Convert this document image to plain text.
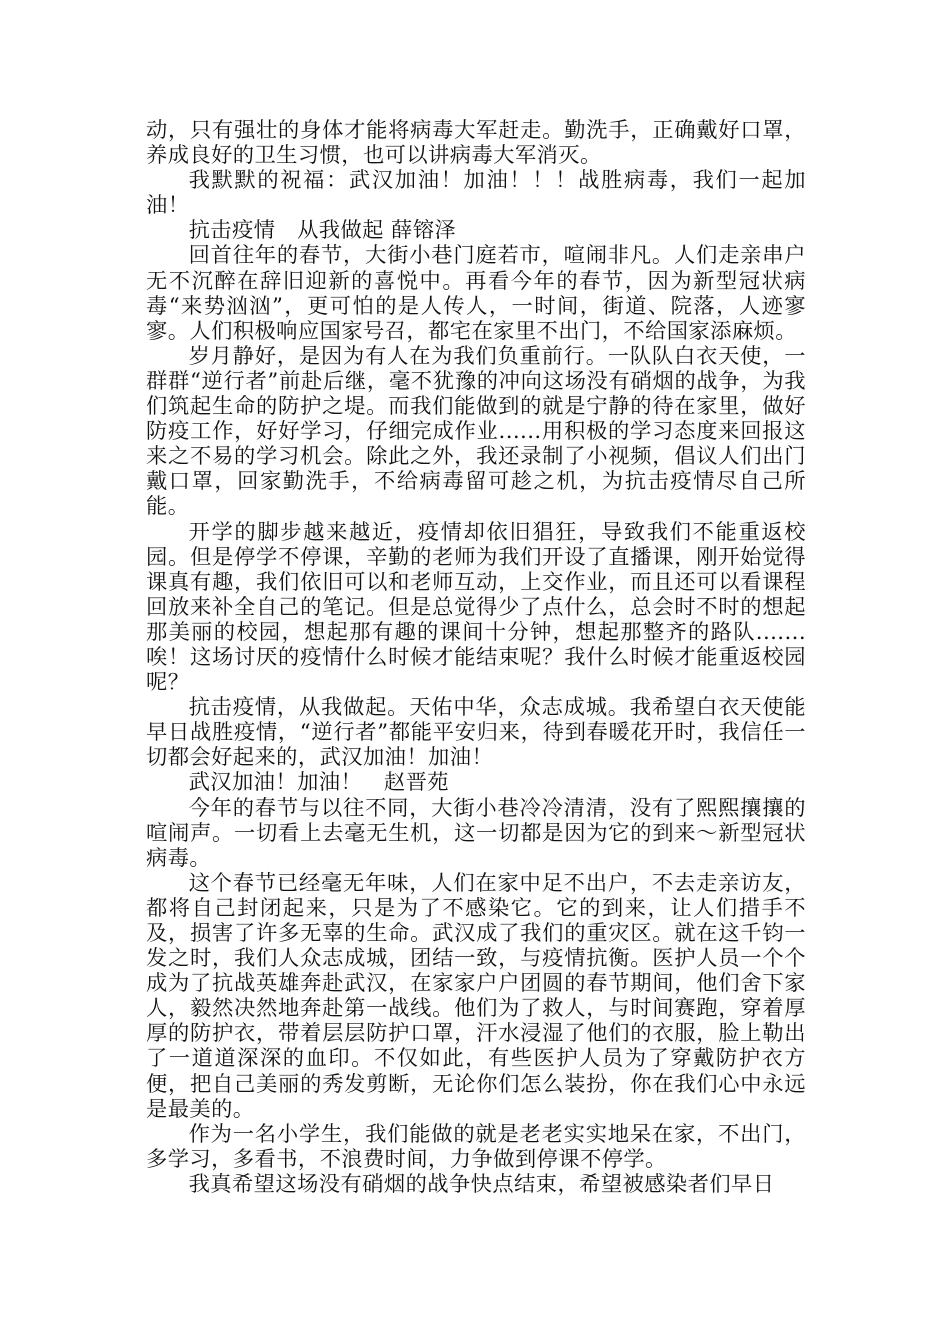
动，只有强壮的身体才能将病毒大军赶走。勤洗手，正确戴好口罩，养成良好的卫生习惯，也可以讲病毒大军消灭。

我默默的祝福：武汉加油！加油！！！战胜病毒，我们一起加油！

抗击疫情　从我做起 薛镕泽

回首往年的春节，大街小巷门庭若市，喧闹非凡。人们走亲串户无不沉醉在辞旧迎新的喜悦中。再看今年的春节，因为新型冠状病毒“来势汹汹”，更可怕的是人传人，一时间，街道、院落，人迹寥寥。人们积极响应国家号召，都宅在家里不出门，不给国家添麻烦。

岁月静好，是因为有人在为我们负重前行。一队队白衣天使，一群群“逆行者”前赴后继，毫不犹豫的冲向这场没有硝烟的战争，为我们筑起生命的防护之堤。而我们能做到的就是宁静的待在家里，做好防疫工作，好好学习，仔细完成作业......用积极的学习态度来回报这来之不易的学习机会。除此之外，我还录制了小视频，倡议人们出门戴口罩，回家勤洗手，不给病毒留可趁之机，为抗击疫情尽自己所能。

开学的脚步越来越近，疫情却依旧猖狂，导致我们不能重返校园。但是停学不停课，辛勤的老师为我们开设了直播课，刚开始觉得课真有趣，我们依旧可以和老师互动，上交作业，而且还可以看课程回放来补全自己的笔记。但是总觉得少了点什么，总会时不时的想起那美丽的校园，想起那有趣的课间十分钟，想起那整齐的路队.......唉！这场讨厌的疫情什么时候才能结束呢？我什么时候才能重返校园呢？

抗击疫情，从我做起。天佑中华，众志成城。我希望白衣天使能早日战胜疫情，“逆行者”都能平安归来，待到春暖花开时，我信任一切都会好起来的，武汉加油！加油！

武汉加油！加油！　赵晋苑

今年的春节与以往不同，大街小巷冷冷清清，没有了熙熙攘攘的喧闹声。一切看上去毫无生机，这一切都是因为它的到来～新型冠状病毒。

这个春节已经毫无年味，人们在家中足不出户，不去走亲访友，都将自己封闭起来，只是为了不感染它。它的到来，让人们措手不及，损害了许多无辜的生命。武汉成了我们的重灾区。就在这千钧一发之时，我们人众志成城，团结一致，与疫情抗衡。医护人员一个个成为了抗战英雄奔赴武汉，在家家户户团圆的春节期间，他们舍下家人，毅然决然地奔赴第一战线。他们为了救人，与时间赛跑，穿着厚厚的防护衣，带着层层防护口罩，汗水浸湿了他们的衣服，脸上勒出了一道道深深的血印。不仅如此，有些医护人员为了穿戴防护衣方便，把自己美丽的秀发剪断，无论你们怎么装扮，你在我们心中永远是最美的。

作为一名小学生，我们能做的就是老老实实地呆在家，不出门，多学习，多看书，不浪费时间，力争做到停课不停学。

我真希望这场没有硝烟的战争快点结束，希望被感染者们早日
